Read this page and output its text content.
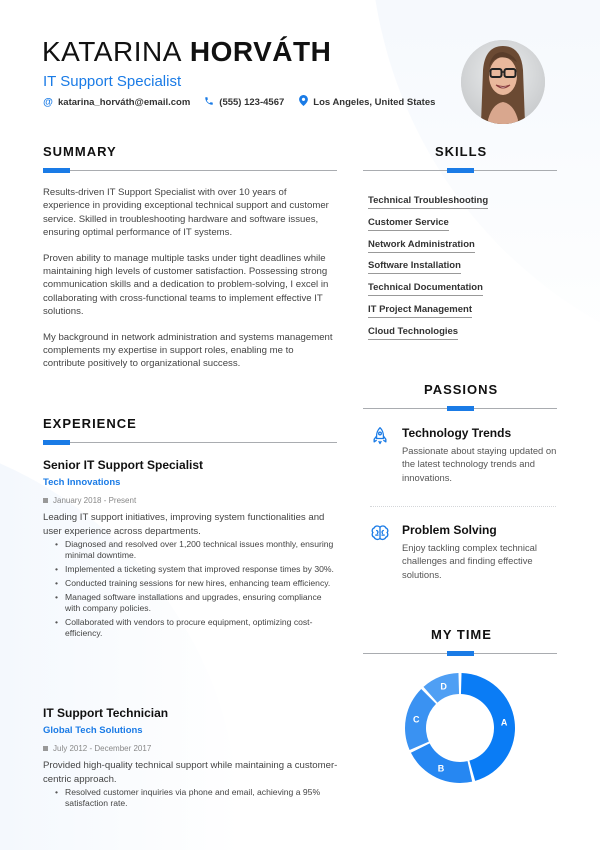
KATARINA HORVÁTH
IT Support Specialist
@ katarina_horváth@email.com	(555) 123-4567	Los Angeles, United States
SUMMARY

Results-driven IT Support Specialist with over 10 years of experience in providing exceptional technical support and customer service. Skilled in troubleshooting hardware and software issues, ensuring optimal performance of IT systems.

Proven ability to manage multiple tasks under tight deadlines while maintaining high levels of customer satisfaction. Possessing strong communication skills and a dedication to problem-solving, I excel in collaborating with cross-functional teams to implement effective IT solutions.

My background in network administration and systems management complements my expertise in support roles, enabling me to contribute positively to organizational success.

SKILLS
Technical Troubleshooting
Customer Service
Network Administration
Software Installation
Technical Documentation
IT Project Management
Cloud Technologies
EXPERIENCE
Senior IT Support Specialist
Tech Innovations
January 2018 - Present
Leading IT support initiatives, improving system functionalities and user experience across departments.
• Diagnosed and resolved over 1,200 technical issues monthly, ensuring minimal downtime.
• Implemented a ticketing system that improved response times by 30%.
• Conducted training sessions for new hires, enhancing team efficiency.
• Managed software installations and upgrades, ensuring compliance with company policies.
• Collaborated with vendors to procure equipment, optimizing cost-efficiency.
IT Support Technician
Global Tech Solutions
July 2012 - December 2017
Provided high-quality technical support while maintaining a customer-centric approach.
• Resolved customer inquiries via phone and email, achieving a 95% satisfaction rate.
PASSIONS
Technology Trends
Passionate about staying updated on the latest technology trends and innovations.
Problem Solving
Enjoy tackling complex technical challenges and finding effective solutions.
MY TIME
A
B
C
D
